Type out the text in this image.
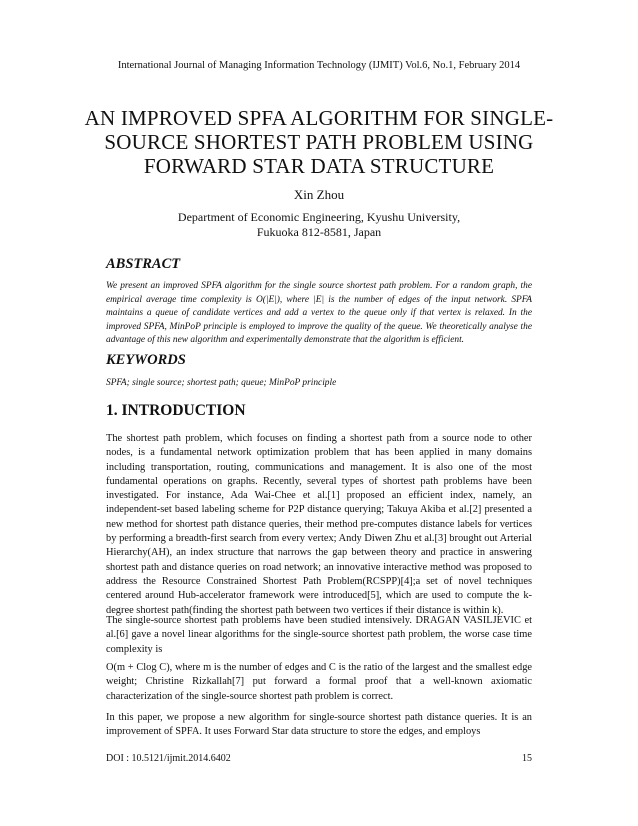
International Journal of Managing Information Technology (IJMIT) Vol.6, No.1, February 2014
AN IMPROVED SPFA ALGORITHM FOR SINGLE-
SOURCE SHORTEST PATH PROBLEM USING
FORWARD STAR DATA STRUCTURE
Xin Zhou
Department of Economic Engineering, Kyushu University,
Fukuoka 812-8581, Japan
ABSTRACT

We present an improved SPFA algorithm for the single source shortest path problem. For a random graph, the empirical average time complexity is O(|E|), where |E| is the number of edges of the input network. SPFA maintains a queue of candidate vertices and add a vertex to the queue only if that vertex is relaxed. In the improved SPFA, MinPoP principle is employed to improve the quality of the queue. We theoretically analyse the advantage of this new algorithm and experimentally demonstrate that the algorithm is efficient.

KEYWORDS

SPFA; single source; shortest path; queue; MinPoP principle

1. INTRODUCTION

The shortest path problem, which focuses on finding a shortest path from a source node to other nodes, is a fundamental network optimization problem that has been applied in many domains including transportation, routing, communications and management. It is also one of the most fundamental operations on graphs. Recently, several types of shortest path problems have been investigated. For instance, Ada Wai-Chee et al.[1] proposed an efficient index, namely, an independent-set based labeling scheme for P2P distance querying; Takuya Akiba et al.[2] presented a new method for shortest path distance queries, their method pre-computes distance labels for vertices by performing a breadth-first search from every vertex; Andy Diwen Zhu et al.[3] brought out Arterial Hierarchy(AH), an index structure that narrows the gap between theory and practice in answering shortest path and distance queries on road network; an innovative interactive method was proposed to address the Resource Constrained Shortest Path Problem(RCSPP)[4];a set of novel techniques centered around Hub-accelerator framework were introduced[5], which are used to compute the k-degree shortest path(finding the shortest path between two vertices if their distance is within k).

The single-source shortest path problems have been studied intensively. DRAGAN VASILJEVIC et al.[6] gave a novel linear algorithms for the single-source shortest path problem, the worse case time complexity is

O(m + Clog C), where m is the number of edges and C is the ratio of the largest and the smallest edge weight; Christine Rizkallah[7] put forward a formal proof that a well-known axiomatic characterization of the single-source shortest path problem is correct.

In this paper, we propose a new algorithm for single-source shortest path distance queries. It is an improvement of SPFA. It uses Forward Star data structure to store the edges, and employs

DOI : 10.5121/ijmit.2014.6402	15
